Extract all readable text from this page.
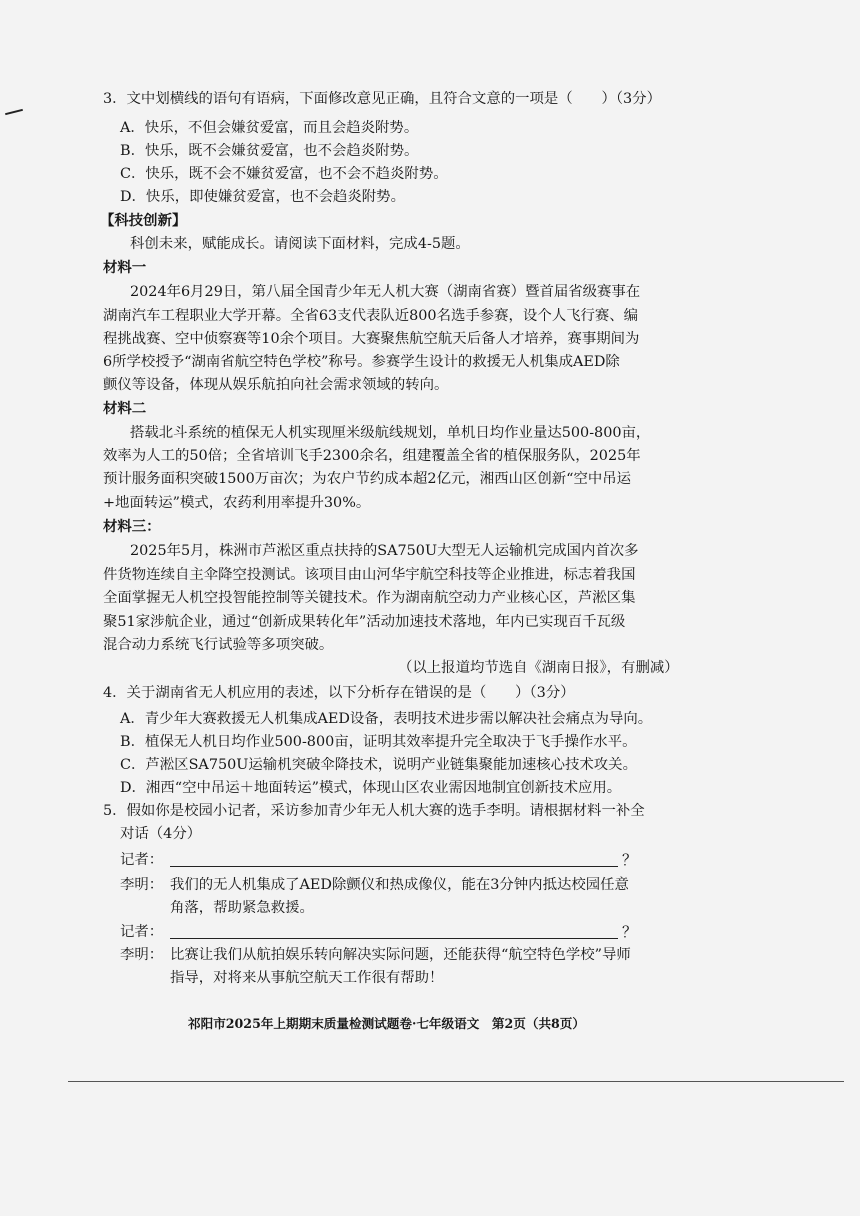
3．文中划横线的语句有语病，下面修改意见正确，且符合文意的一项是（　　）（3分）
A．快乐，不但会嫌贫爱富，而且会趋炎附势。
B．快乐，既不会嫌贫爱富，也不会趋炎附势。
C．快乐，既不会不嫌贫爱富，也不会不趋炎附势。
D．快乐，即使嫌贫爱富，也不会趋炎附势。
【科技创新】
科创未来，赋能成长。请阅读下面材料，完成4-5题。
材料一
2024年6月29日，第八届全国青少年无人机大赛（湖南省赛）暨首届省级赛事在
湖南汽车工程职业大学开幕。全省63支代表队近800名选手参赛，设个人飞行赛、编
程挑战赛、空中侦察赛等10余个项目。大赛聚焦航空航天后备人才培养，赛事期间为
6所学校授予“湖南省航空特色学校”称号。参赛学生设计的救援无人机集成AED除
颤仪等设备，体现从娱乐航拍向社会需求领域的转向。
材料二
搭载北斗系统的植保无人机实现厘米级航线规划，单机日均作业量达500-800亩，
效率为人工的50倍；全省培训飞手2300余名，组建覆盖全省的植保服务队，2025年
预计服务面积突破1500万亩次；为农户节约成本超2亿元，湘西山区创新“空中吊运
+地面转运”模式，农药利用率提升30%。
材料三：
2025年5月，株洲市芦淞区重点扶持的SA750U大型无人运输机完成国内首次多
件货物连续自主伞降空投测试。该项目由山河华宇航空科技等企业推进，标志着我国
全面掌握无人机空投智能控制等关键技术。作为湖南航空动力产业核心区，芦淞区集
聚51家涉航企业，通过“创新成果转化年”活动加速技术落地，年内已实现百千瓦级
混合动力系统飞行试验等多项突破。
（以上报道均节选自《湖南日报》，有删减）
4．关于湖南省无人机应用的表述，以下分析存在错误的是（　　）（3分）
A．青少年大赛救援无人机集成AED设备，表明技术进步需以解决社会痛点为导向。
B．植保无人机日均作业500-800亩，证明其效率提升完全取决于飞手操作水平。
C．芦淞区SA750U运输机突破伞降技术，说明产业链集聚能加速核心技术攻关。
D．湘西“空中吊运＋地面转运”模式，体现山区农业需因地制宜创新技术应用。
5．假如你是校园小记者，采访参加青少年无人机大赛的选手李明。请根据材料一补全
对话（4分）
记者：	？
李明： 我们的无人机集成了AED除颤仪和热成像仪，能在3分钟内抵达校园任意
角落，帮助紧急救援。
记者：	？
李明： 比赛让我们从航拍娱乐转向解决实际问题，还能获得“航空特色学校”导师
指导，对将来从事航空航天工作很有帮助！
祁阳市2025年上期期末质量检测试题卷·七年级语文　第2页（共8页）
